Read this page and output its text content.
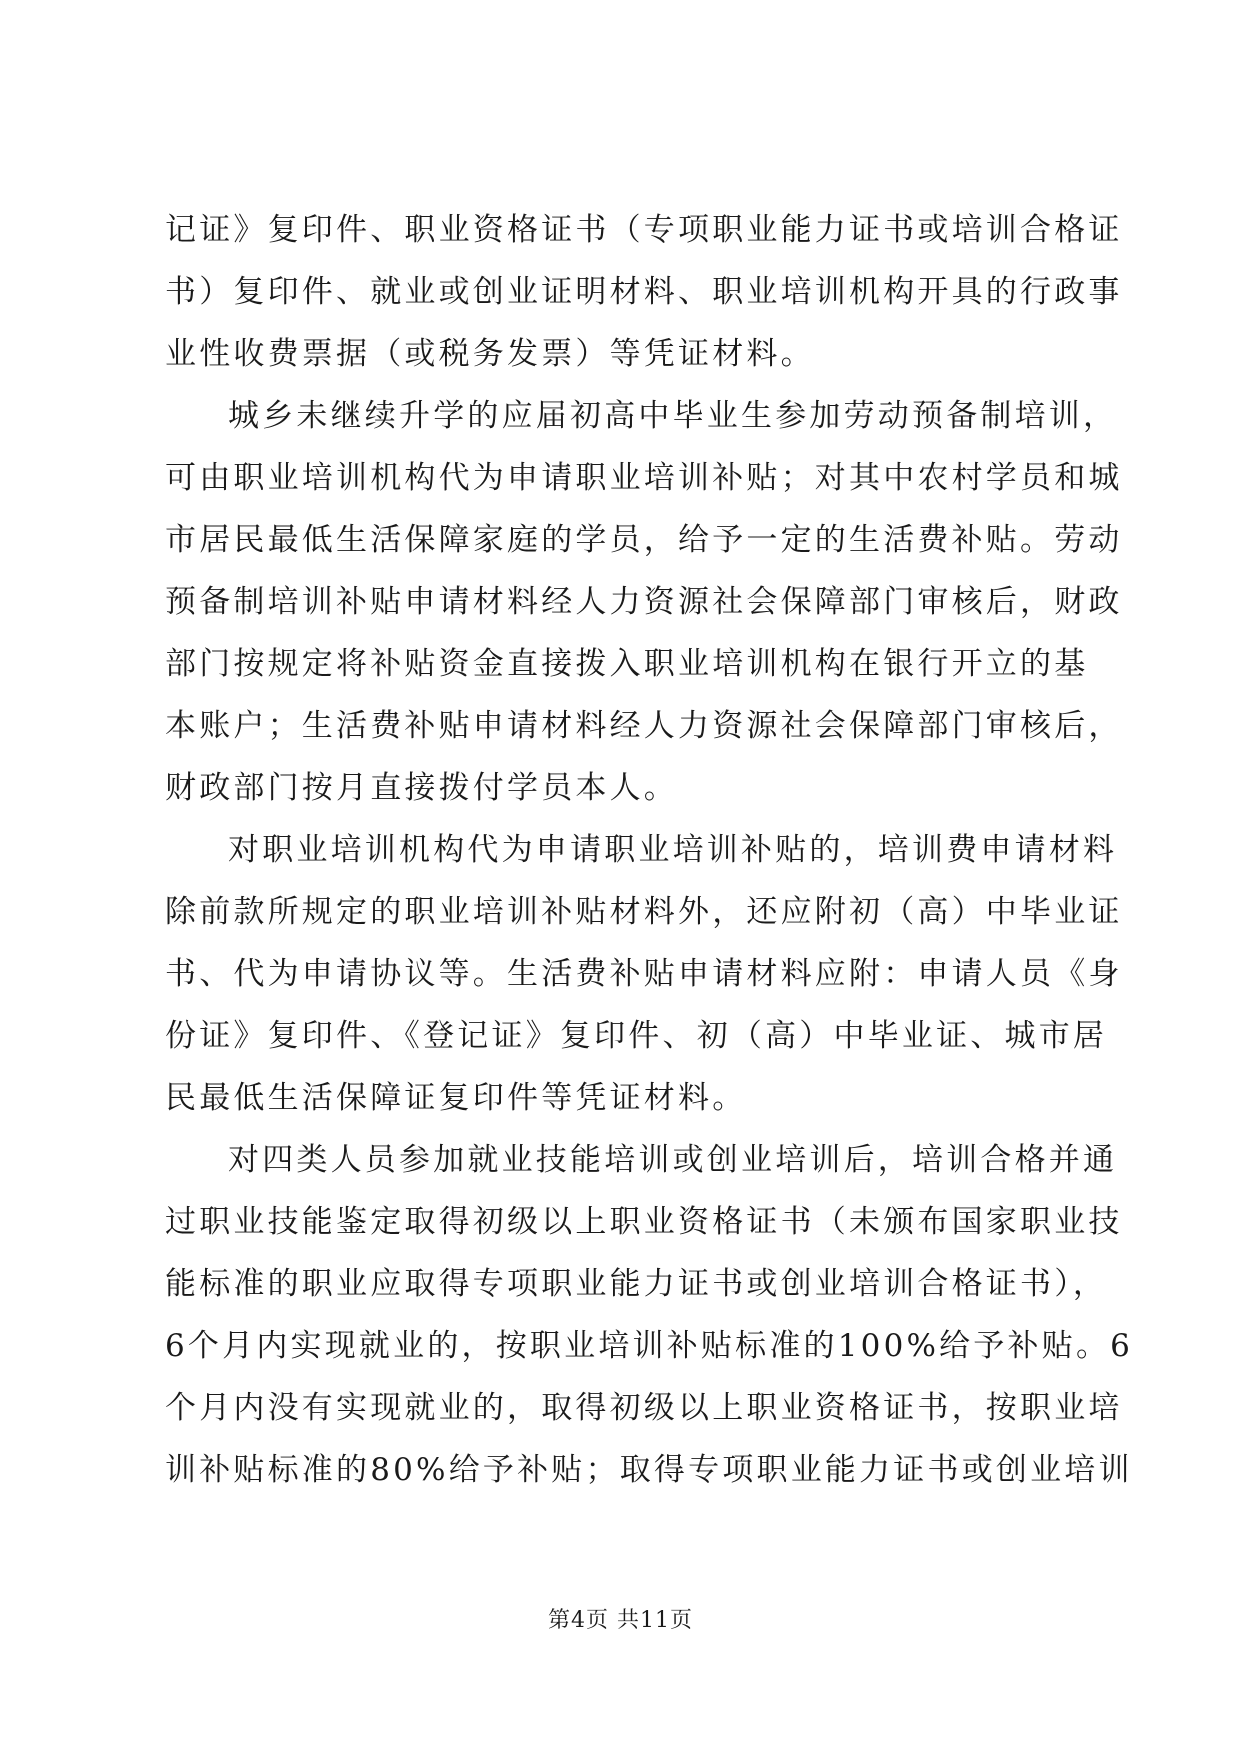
记证》复印件、职业资格证书（专项职业能力证书或培训合格证
书）复印件、就业或创业证明材料、职业培训机构开具的行政事
业性收费票据（或税务发票）等凭证材料。
城乡未继续升学的应届初高中毕业生参加劳动预备制培训，
可由职业培训机构代为申请职业培训补贴；对其中农村学员和城
市居民最低生活保障家庭的学员，给予一定的生活费补贴。劳动
预备制培训补贴申请材料经人力资源社会保障部门审核后，财政
部门按规定将补贴资金直接拨入职业培训机构在银行开立的基
本账户；生活费补贴申请材料经人力资源社会保障部门审核后，
财政部门按月直接拨付学员本人。
对职业培训机构代为申请职业培训补贴的，培训费申请材料
除前款所规定的职业培训补贴材料外，还应附初（高）中毕业证
书、代为申请协议等。生活费补贴申请材料应附：申请人员《身
份证》复印件、《登记证》复印件、初（高）中毕业证、城市居
民最低生活保障证复印件等凭证材料。
对四类人员参加就业技能培训或创业培训后，培训合格并通
过职业技能鉴定取得初级以上职业资格证书（未颁布国家职业技
能标准的职业应取得专项职业能力证书或创业培训合格证书），
6个月内实现就业的，按职业培训补贴标准的100%给予补贴。6
个月内没有实现就业的，取得初级以上职业资格证书，按职业培
训补贴标准的80%给予补贴；取得专项职业能力证书或创业培训
第4页 共11页
